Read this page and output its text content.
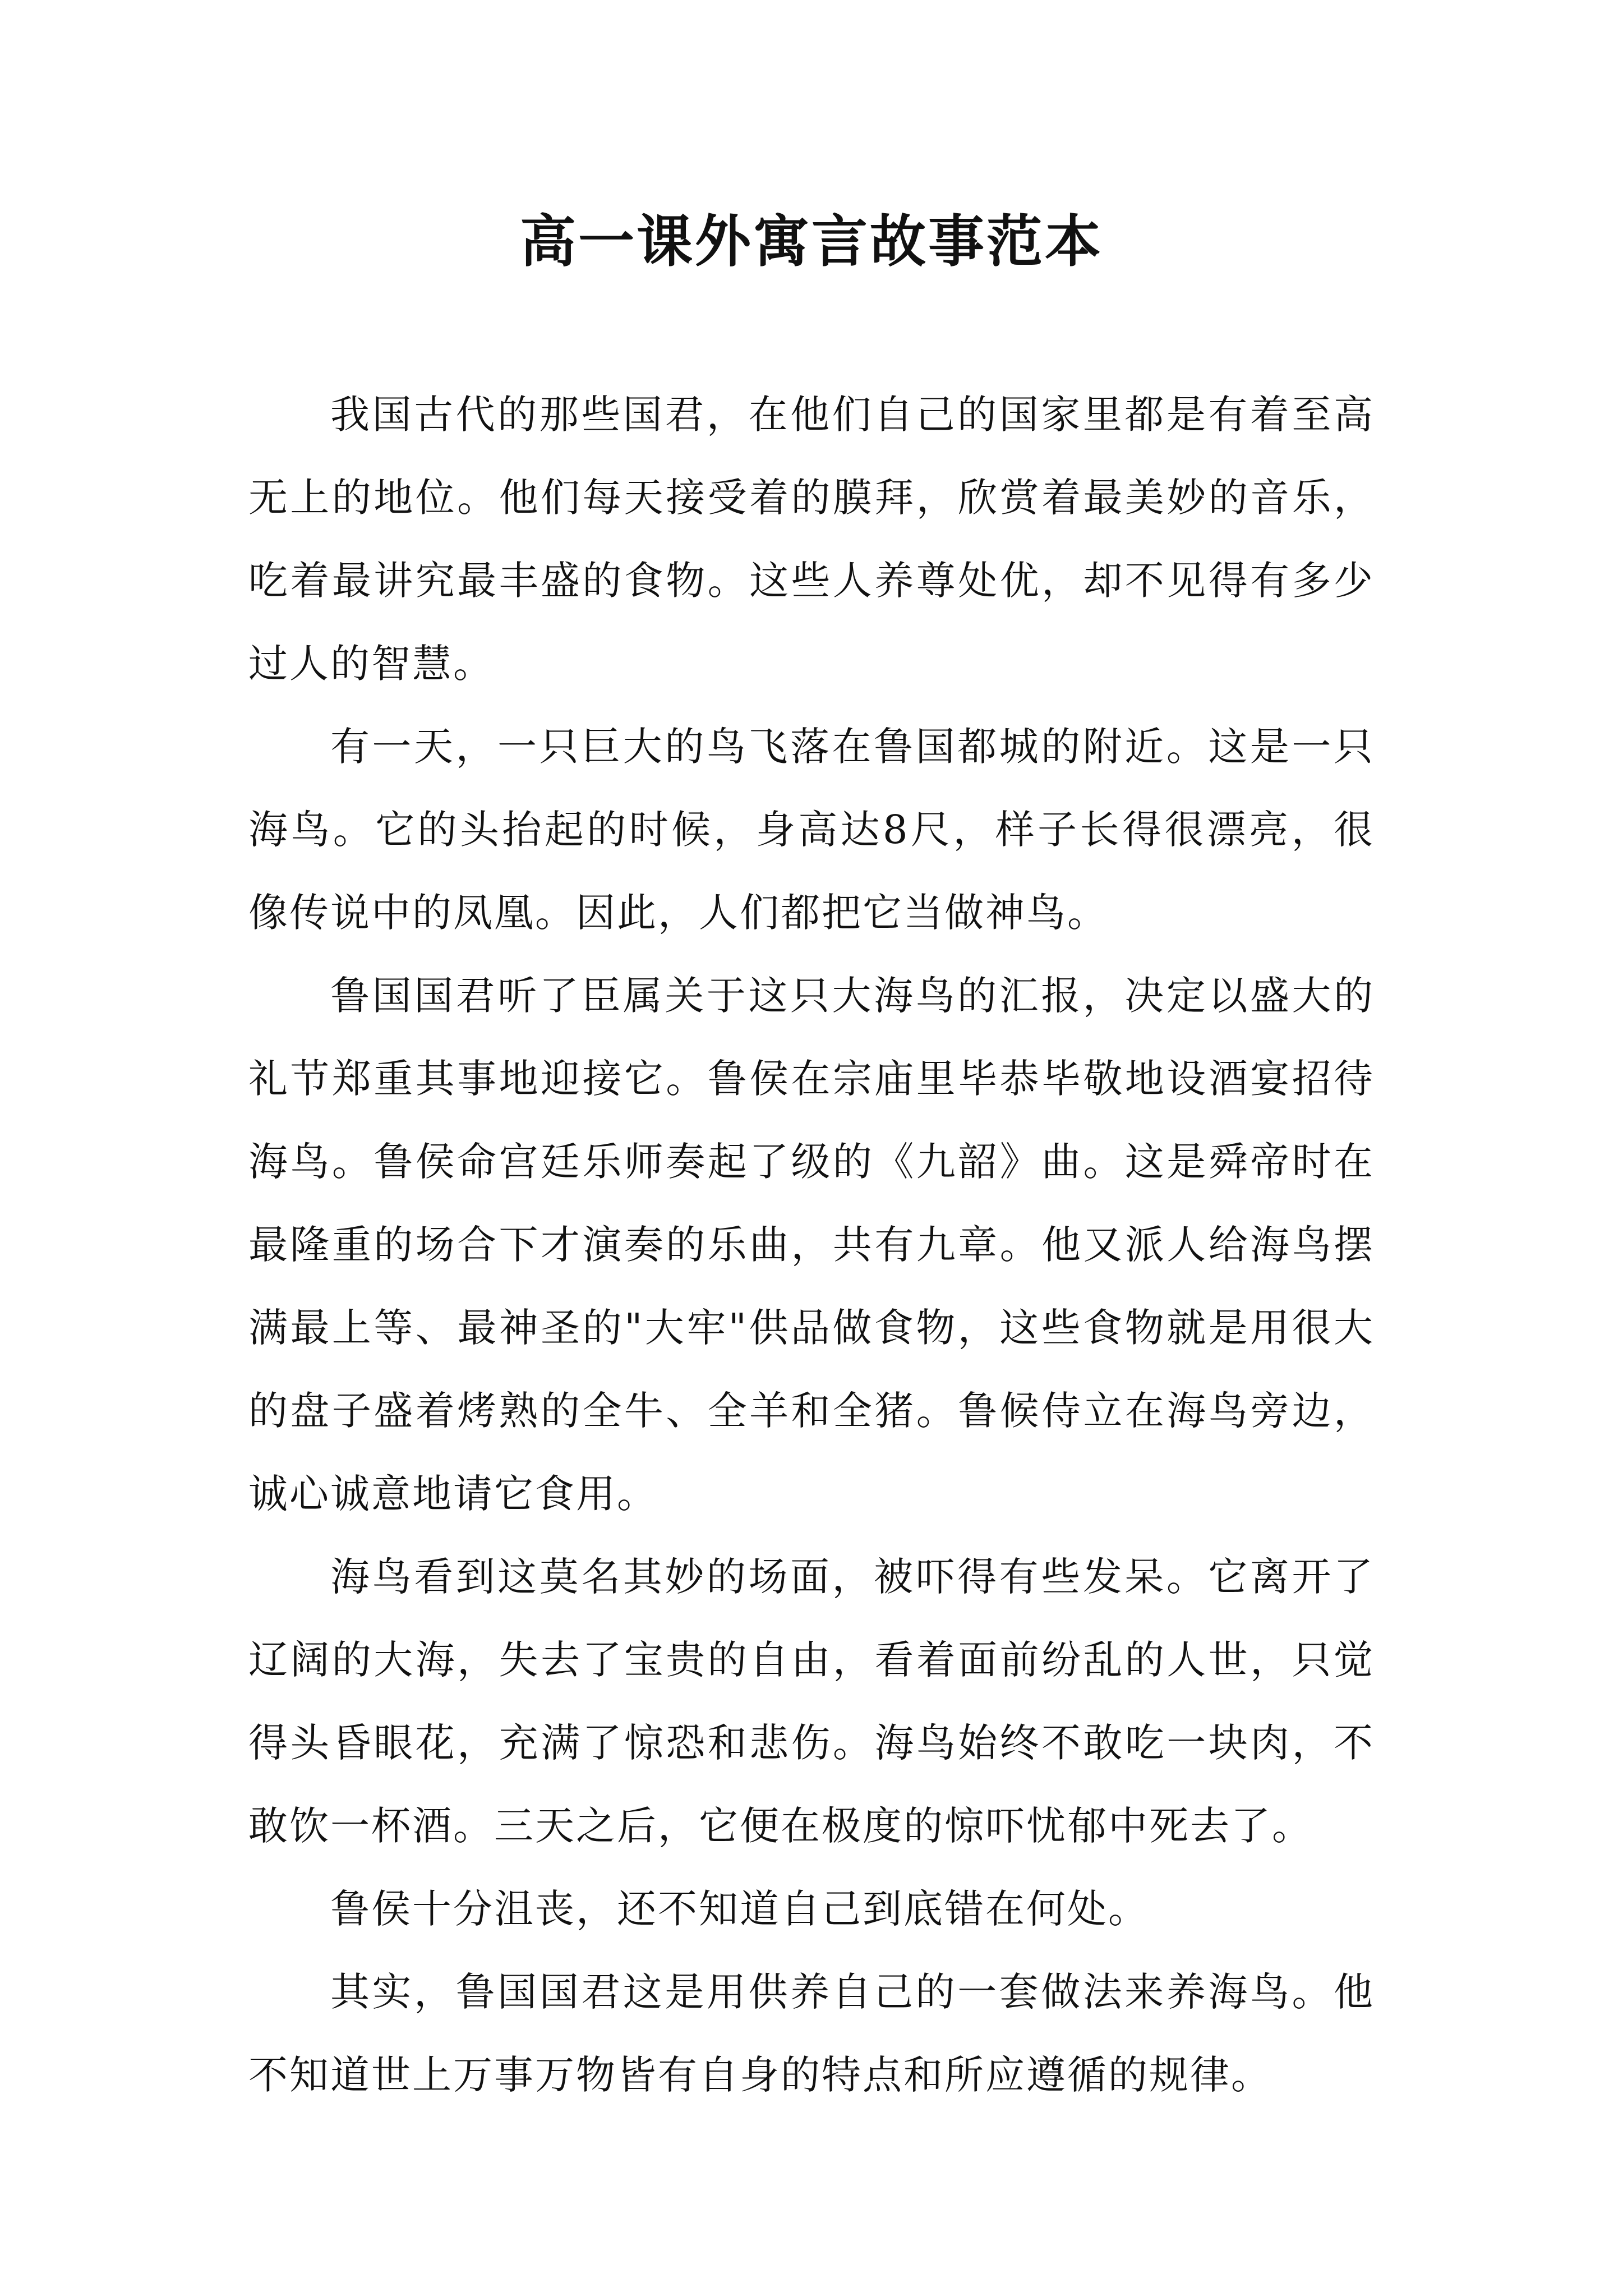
高一课外寓言故事范本

我国古代的那些国君，在他们自己的国家里都是有着至高无上的地位。他们每天接受着的膜拜，欣赏着最美妙的音乐，吃着最讲究最丰盛的食物。这些人养尊处优，却不见得有多少过人的智慧。

有一天，一只巨大的鸟飞落在鲁国都城的附近。这是一只海鸟。它的头抬起的时候，身高达8尺，样子长得很漂亮，很像传说中的凤凰。因此，人们都把它当做神鸟。

鲁国国君听了臣属关于这只大海鸟的汇报，决定以盛大的礼节郑重其事地迎接它。鲁侯在宗庙里毕恭毕敬地设酒宴招待海鸟。鲁侯命宫廷乐师奏起了级的《九韶》曲。这是舜帝时在最隆重的场合下才演奏的乐曲，共有九章。他又派人给海鸟摆满最上等、最神圣的"大牢"供品做食物，这些食物就是用很大的盘子盛着烤熟的全牛、全羊和全猪。鲁候侍立在海鸟旁边，诚心诚意地请它食用。

海鸟看到这莫名其妙的场面，被吓得有些发呆。它离开了辽阔的大海，失去了宝贵的自由，看着面前纷乱的人世，只觉得头昏眼花，充满了惊恐和悲伤。海鸟始终不敢吃一块肉，不敢饮一杯酒。三天之后，它便在极度的惊吓忧郁中死去了。

鲁侯十分沮丧，还不知道自己到底错在何处。

其实，鲁国国君这是用供养自己的一套做法来养海鸟。他不知道世上万事万物皆有自身的特点和所应遵循的规律。
